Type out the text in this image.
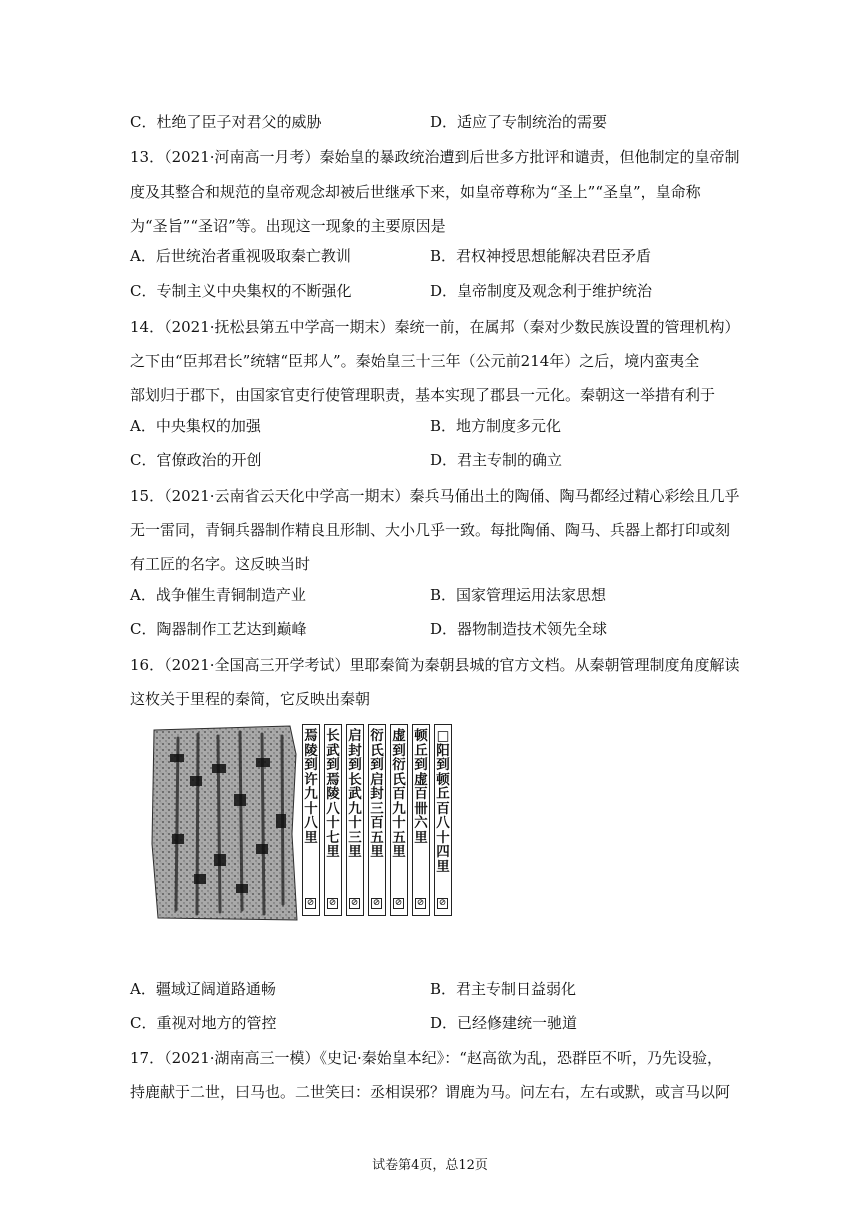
C．杜绝了臣子对君父的威胁	D．适应了专制统治的需要
13．（2021·河南高一月考）秦始皇的暴政统治遭到后世多方批评和谴责，但他制定的皇帝制
度及其整合和规范的皇帝观念却被后世继承下来，如皇帝尊称为“圣上”“圣皇”，皇命称
为“圣旨”“圣诏”等。出现这一现象的主要原因是
A．后世统治者重视吸取秦亡教训	B．君权神授思想能解决君臣矛盾
C．专制主义中央集权的不断强化	D．皇帝制度及观念利于维护统治
14．（2021·抚松县第五中学高一期末）秦统一前，在属邦（秦对少数民族设置的管理机构）
之下由“臣邦君长”统辖“臣邦人”。秦始皇三十三年（公元前214年）之后，境内蛮夷全
部划归于郡下，由国家官吏行使管理职责，基本实现了郡县一元化。秦朝这一举措有利于
A．中央集权的加强	B．地方制度多元化
C．官僚政治的开创	D．君主专制的确立
15．（2021·云南省云天化中学高一期末）秦兵马俑出土的陶俑、陶马都经过精心彩绘且几乎
无一雷同，青铜兵器制作精良且形制、大小几乎一致。每批陶俑、陶马、兵器上都打印或刻
有工匠的名字。这反映当时
A．战争催生青铜制造产业	B．国家管理运用法家思想
C．陶器制作工艺达到巅峰	D．器物制造技术领先全球
16．（2021·全国高三开学考试）里耶秦简为秦朝县城的官方文档。从秦朝管理制度角度解读
这枚关于里程的秦简，它反映出秦朝
□
阳
到
顿
丘
百
八
十
四
里
⊘
顿
丘
到
虚
百
卌
六
里
⊘
虚
到
衍
氏
百
九
十
五
里
⊘
衍
氏
到
启
封
三
百
五
里
⊘
启
封
到
长
武
九
十
三
里
⊘
长
武
到
焉
陵
八
十
七
里
⊘
焉
陵
到
许
九
十
八
里
⊘
A．疆域辽阔道路通畅	B．君主专制日益弱化
C．重视对地方的管控	D．已经修建统一驰道
17．（2021·湖南高三一模）《史记·秦始皇本纪》：“赵高欲为乱，恐群臣不听，乃先设验，
持鹿献于二世，曰马也。二世笑曰：丞相误邪？谓鹿为马。问左右，左右或默，或言马以阿
试卷第4页，总12页
